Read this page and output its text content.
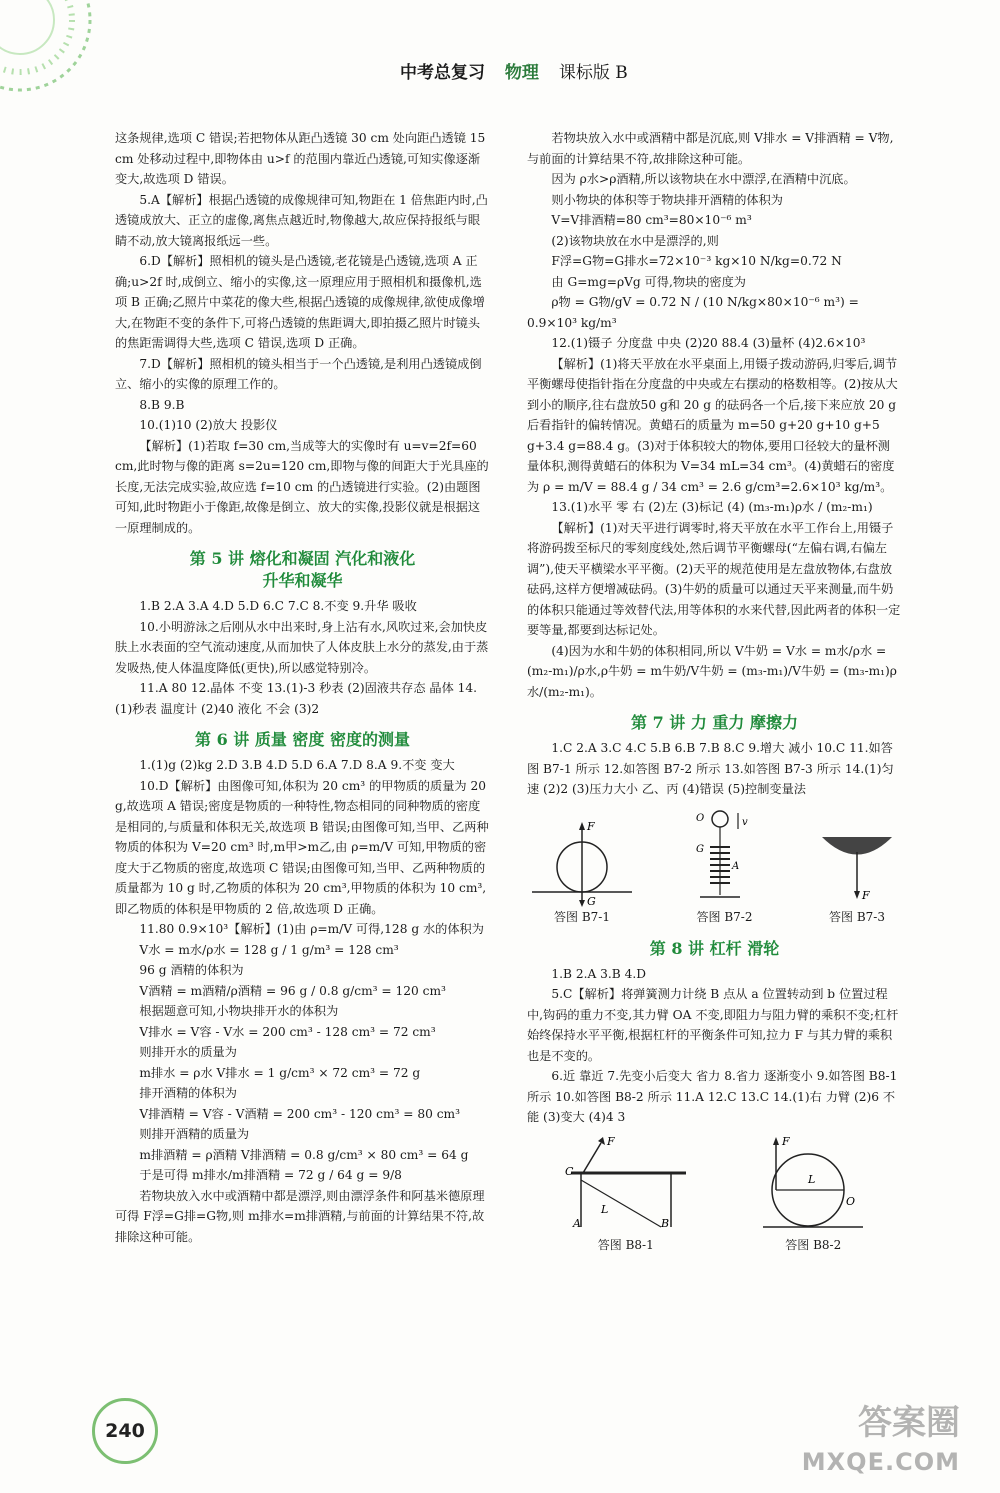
中考总复习 物理 课标版 B

这条规律,选项 C 错误;若把物体从距凸透镜 30 cm 处向距凸透镜 15 cm 处移动过程中,即物体由 u>f 的范围内靠近凸透镜,可知实像逐渐变大,故选项 D 错误。

5.A【解析】根据凸透镜的成像规律可知,物距在 1 倍焦距内时,凸透镜成放大、正立的虚像,离焦点越近时,物像越大,故应保持报纸与眼睛不动,放大镜离报纸远一些。

6.D【解析】照相机的镜头是凸透镜,老花镜是凸透镜,选项 A 正确;u>2f 时,成倒立、缩小的实像,这一原理应用于照相机和摄像机,选项 B 正确;乙照片中菜花的像大些,根据凸透镜的成像规律,欲使成像增大,在物距不变的条件下,可将凸透镜的焦距调大,即拍摄乙照片时镜头的焦距需调得大些,选项 C 错误,选项 D 正确。

7.D【解析】照相机的镜头相当于一个凸透镜,是利用凸透镜成倒立、缩小的实像的原理工作的。

8.B 9.B

10.(1)10 (2)放大 投影仪

【解析】(1)若取 f=30 cm,当成等大的实像时有 u=v=2f=60 cm,此时物与像的距离 s=2u=120 cm,即物与像的间距大于光具座的长度,无法完成实验,故应选 f=10 cm 的凸透镜进行实验。(2)由题图可知,此时物距小于像距,故像是倒立、放大的实像,投影仪就是根据这一原理制成的。

第 5 讲 熔化和凝固 汽化和液化
升华和凝华

1.B 2.A 3.A 4.D 5.D 6.C 7.C 8.不变 9.升华 吸收

10.小明游泳之后刚从水中出来时,身上沾有水,风吹过来,会加快皮肤上水表面的空气流动速度,从而加快了人体皮肤上水分的蒸发,由于蒸发吸热,使人体温度降低(更快),所以感觉特别冷。

11.A 80 12.晶体 不变 13.(1)-3 秒表 (2)固液共存态 晶体 14.(1)秒表 温度计 (2)40 液化 不会 (3)2

第 6 讲 质量 密度 密度的测量

1.(1)g (2)kg 2.D 3.B 4.D 5.D 6.A 7.D 8.A 9.不变 变大

10.D【解析】由图像可知,体积为 20 cm³ 的甲物质的质量为 20 g,故选项 A 错误;密度是物质的一种特性,物态相同的同种物质的密度是相同的,与质量和体积无关,故选项 B 错误;由图像可知,当甲、乙两种物质的体积为 V=20 cm³ 时,m甲>m乙,由 ρ=m/V 可知,甲物质的密度大于乙物质的密度,故选项 C 错误;由图像可知,当甲、乙两种物质的质量都为 10 g 时,乙物质的体积为 20 cm³,甲物质的体积为 10 cm³,即乙物质的体积是甲物质的 2 倍,故选项 D 正确。

11.80 0.9×10³【解析】(1)由 ρ=m/V 可得,128 g 水的体积为

V水 = m水/ρ水 = 128 g / 1 g/m³ = 128 cm³

96 g 酒精的体积为

V酒精 = m酒精/ρ酒精 = 96 g / 0.8 g/cm³ = 120 cm³

根据题意可知,小物块排开水的体积为

V排水 = V容 - V水 = 200 cm³ - 128 cm³ = 72 cm³

则排开水的质量为

m排水 = ρ水 V排水 = 1 g/cm³ × 72 cm³ = 72 g

排开酒精的体积为

V排酒精 = V容 - V酒精 = 200 cm³ - 120 cm³ = 80 cm³

则排开酒精的质量为

m排酒精 = ρ酒精 V排酒精 = 0.8 g/cm³ × 80 cm³ = 64 g

于是可得 m排水/m排酒精 = 72 g / 64 g = 9/8

若物块放入水中或酒精中都是漂浮,则由漂浮条件和阿基米德原理可得 F浮=G排=G物,则 m排水=m排酒精,与前面的计算结果不符,故排除这种可能。

若物块放入水中或酒精中都是沉底,则 V排水 = V排酒精 = V物,与前面的计算结果不符,故排除这种可能。

因为 ρ水>ρ酒精,所以该物块在水中漂浮,在酒精中沉底。

则小物块的体积等于物块排开酒精的体积为

V=V排酒精=80 cm³=80×10⁻⁶ m³

(2)该物块放在水中是漂浮的,则

F浮=G物=G排水=72×10⁻³ kg×10 N/kg=0.72 N

由 G=mg=ρVg 可得,物块的密度为

ρ物 = G物/gV = 0.72 N / (10 N/kg×80×10⁻⁶ m³) = 0.9×10³ kg/m³

12.(1)镊子 分度盘 中央 (2)20 88.4 (3)量杯 (4)2.6×10³

【解析】(1)将天平放在水平桌面上,用镊子拨动游码,归零后,调节平衡螺母使指针指在分度盘的中央或左右摆动的格数相等。(2)按从大到小的顺序,往右盘放50 g和 20 g 的砝码各一个后,接下来应放 20 g 后看指针的偏转情况。黄蜡石的质量为 m=50 g+20 g+10 g+5 g+3.4 g=88.4 g。(3)对于体积较大的物体,要用口径较大的量杯测量体积,测得黄蜡石的体积为 V=34 mL=34 cm³。(4)黄蜡石的密度为 ρ = m/V = 88.4 g / 34 cm³ = 2.6 g/cm³=2.6×10³ kg/m³。

13.(1)水平 零 右 (2)左 (3)标记 (4) (m₃-m₁)ρ水 / (m₂-m₁)

【解析】(1)对天平进行调零时,将天平放在水平工作台上,用镊子将游码拨至标尺的零刻度线处,然后调节平衡螺母(“左偏右调,右偏左调”),使天平横梁水平平衡。(2)天平的规范使用是左盘放物体,右盘放砝码,这样方便增减砝码。(3)牛奶的质量可以通过天平来测量,而牛奶的体积只能通过等效替代法,用等体积的水来代替,因此两者的体积一定要等量,都要到达标记处。

(4)因为水和牛奶的体积相同,所以 V牛奶 = V水 = m水/ρ水 = (m₂-m₁)/ρ水,ρ牛奶 = m牛奶/V牛奶 = (m₃-m₁)/V牛奶 = (m₃-m₁)ρ水/(m₂-m₁)。

第 7 讲 力 重力 摩擦力

1.C 2.A 3.C 4.C 5.B 6.B 7.B 8.C 9.增大 减小 10.C 11.如答图 B7-1 所示 12.如答图 B7-2 所示 13.如答图 B7-3 所示 14.(1)匀速 (2)2 (3)压力大小 乙、丙 (4)错误 (5)控制变量法

F
G
答图 B7-1
v
O
G
A
答图 B7-2
F
答图 B7-3
第 8 讲 杠杆 滑轮

1.B 2.A 3.B 4.D

5.C【解析】将弹簧测力计绕 B 点从 a 位置转动到 b 位置过程中,钩码的重力不变,其力臂 OA 不变,即阻力与阻力臂的乘积不变;杠杆始终保持水平平衡,根据杠杆的平衡条件可知,拉力 F 与其力臂的乘积也是不变的。

6.近 靠近 7.先变小后变大 省力 8.省力 逐渐变小 9.如答图 B8-1 所示 10.如答图 B8-2 所示 11.A 12.C 13.C 14.(1)右 力臂 (2)6 不能 (3)变大 (4)4 3

F
C
A	B
L
答图 B8-1
F
L
O
答图 B8-2
240	答案圈
MXQE.COM
